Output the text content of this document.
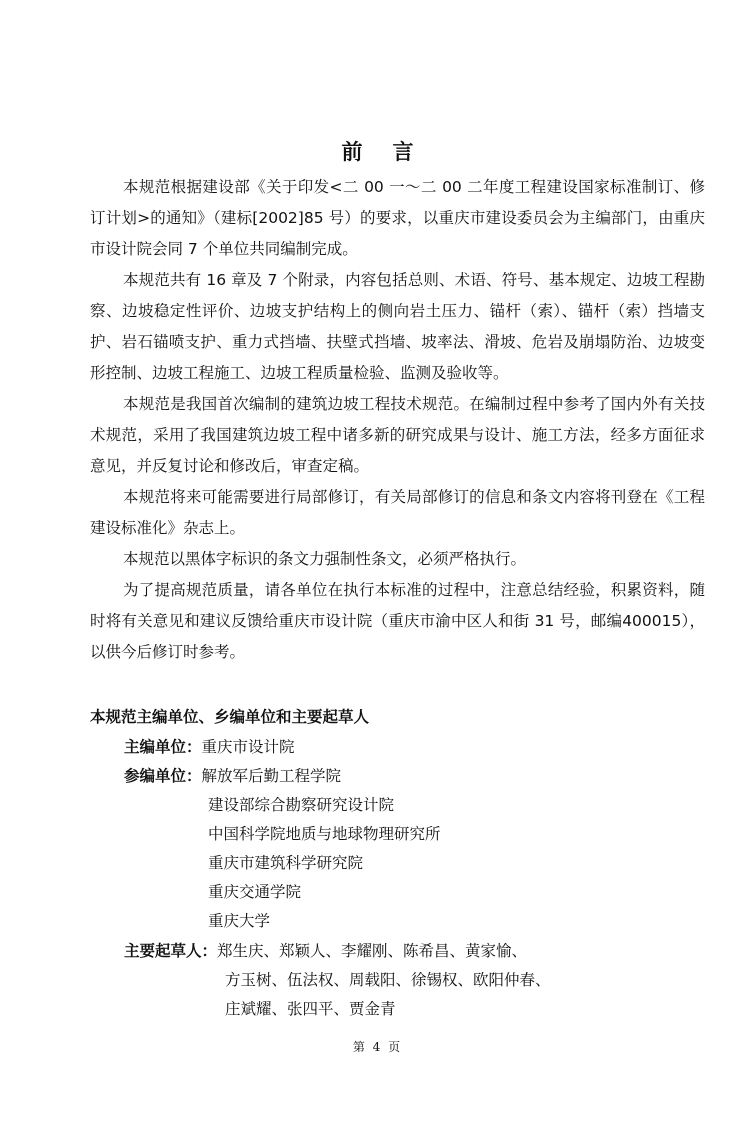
前言

本规范根据建设部《关于印发<二 00 一～二 00 二年度工程建设国家标准制订、修订计划>的通知》（建标[2002]85 号）的要求，以重庆市建设委员会为主编部门，由重庆市设计院会同 7 个单位共同编制完成。

本规范共有 16 章及 7 个附录，内容包括总则、术语、符号、基本规定、边坡工程勘察、边坡稳定性评价、边坡支护结构上的侧向岩土压力、锚杆（索）、锚杆（索）挡墙支护、岩石锚喷支护、重力式挡墙、扶壁式挡墙、坡率法、滑坡、危岩及崩塌防治、边坡变形控制、边坡工程施工、边坡工程质量检验、监测及验收等。

本规范是我国首次编制的建筑边坡工程技术规范。在编制过程中参考了国内外有关技术规范，采用了我国建筑边坡工程中诸多新的研究成果与设计、施工方法，经多方面征求意见，并反复讨论和修改后，审查定稿。

本规范将来可能需要进行局部修订，有关局部修订的信息和条文内容将刊登在《工程建设标准化》杂志上。

本规范以黑体字标识的条文力强制性条文，必须严格执行。

为了提高规范质量，请各单位在执行本标准的过程中，注意总结经验，积累资料，随时将有关意见和建议反馈给重庆市设计院（重庆市渝中区人和街 31 号，邮编400015），以供今后修订时参考。

本规范主编单位、乡编单位和主要起草人
主编单位：重庆市设计院
参编单位：解放军后勤工程学院
建设部综合勘察研究设计院
中国科学院地质与地球物理研究所
重庆市建筑科学研究院
重庆交通学院
重庆大学
主要起草人：郑生庆、郑颖人、李耀刚、陈希昌、黄家愉、
方玉树、伍法权、周载阳、徐锡权、欧阳仲春、
庄斌耀、张四平、贾金青
第 4 页
